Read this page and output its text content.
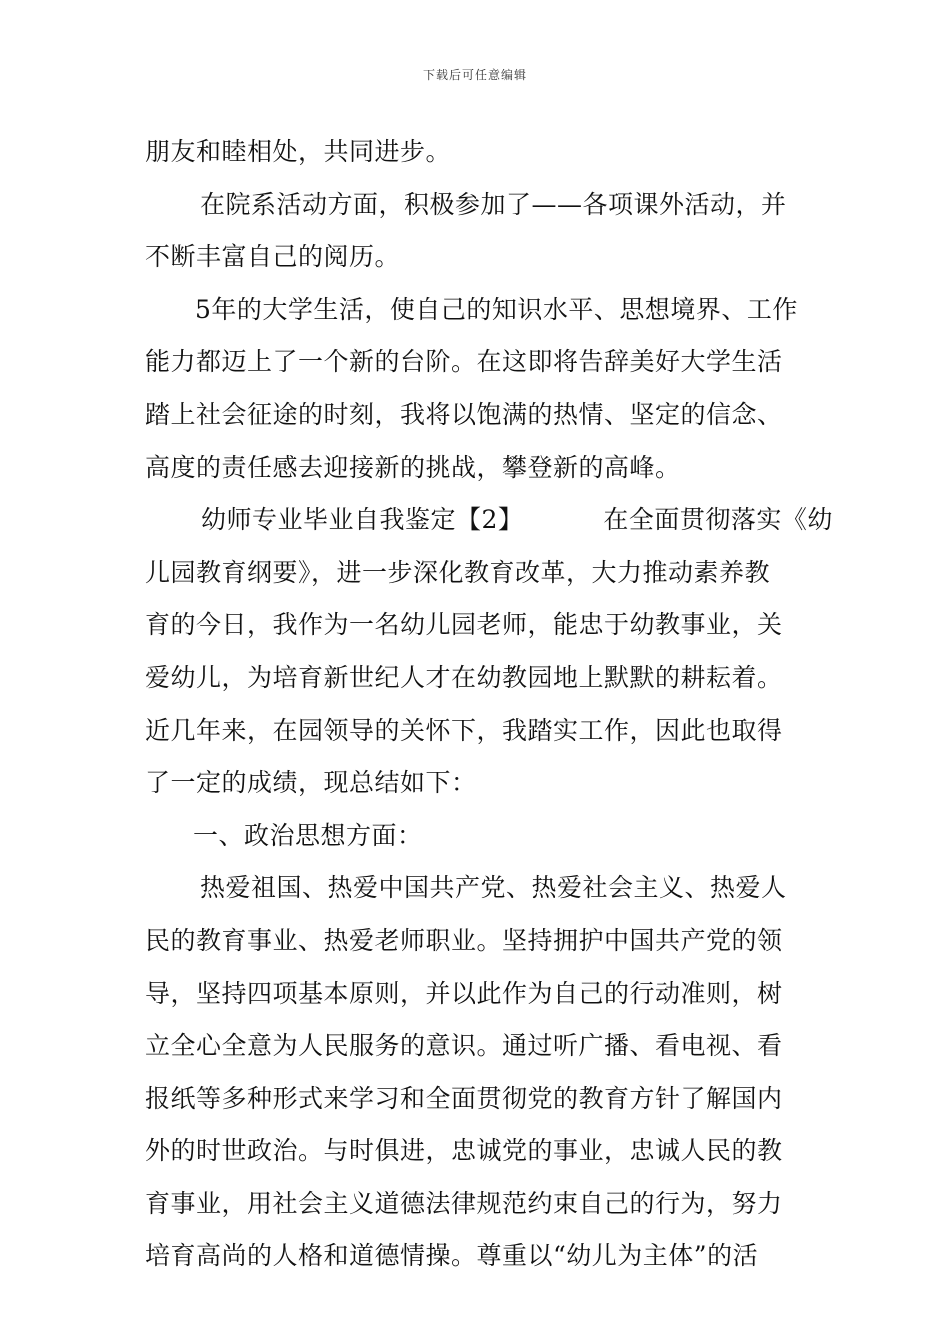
下载后可任意编辑
朋友和睦相处，共同进步。
在院系活动方面，积极参加了——各项课外活动，并
不断丰富自己的阅历。
5年的大学生活，使自己的知识水平、思想境界、工作
能力都迈上了一个新的台阶。在这即将告辞美好大学生活
踏上社会征途的时刻，我将以饱满的热情、坚定的信念、
高度的责任感去迎接新的挑战，攀登新的高峰。
幼师专业毕业自我鉴定【2】	在全面贯彻落实《幼
儿园教育纲要》，进一步深化教育改革，大力推动素养教
育的今日，我作为一名幼儿园老师，能忠于幼教事业，关
爱幼儿，为培育新世纪人才在幼教园地上默默的耕耘着。
近几年来，在园领导的关怀下，我踏实工作，因此也取得
了一定的成绩，现总结如下：
一、政治思想方面：
热爱祖国、热爱中国共产党、热爱社会主义、热爱人
民的教育事业、热爱老师职业。坚持拥护中国共产党的领
导，坚持四项基本原则，并以此作为自己的行动准则，树
立全心全意为人民服务的意识。通过听广播、看电视、看
报纸等多种形式来学习和全面贯彻党的教育方针了解国内
外的时世政治。与时俱进，忠诚党的事业，忠诚人民的教
育事业，用社会主义道德法律规范约束自己的行为，努力
培育高尚的人格和道德情操。尊重以“幼儿为主体”的活
